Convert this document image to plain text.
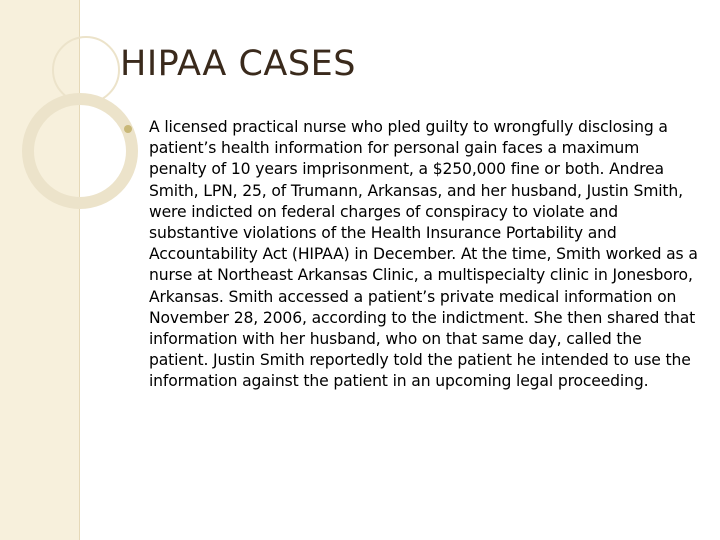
HIPAA CASES
A licensed practical nurse who pled guilty to wrongfully disclosing a patient’s health information for personal gain faces a maximum penalty of 10 years imprisonment, a $250,000 fine or both. Andrea Smith, LPN, 25, of Trumann, Arkansas, and her husband, Justin Smith, were indicted on federal charges of conspiracy to violate and substantive violations of the Health Insurance Portability and Accountability Act (HIPAA) in December. At the time, Smith worked as a nurse at Northeast Arkansas Clinic, a multispecialty clinic in Jonesboro, Arkansas. Smith accessed a patient’s private medical information on November 28, 2006, according to the indictment. She then shared that information with her husband, who on that same day, called the patient. Justin Smith reportedly told the patient he intended to use the information against the patient in an upcoming legal proceeding.
